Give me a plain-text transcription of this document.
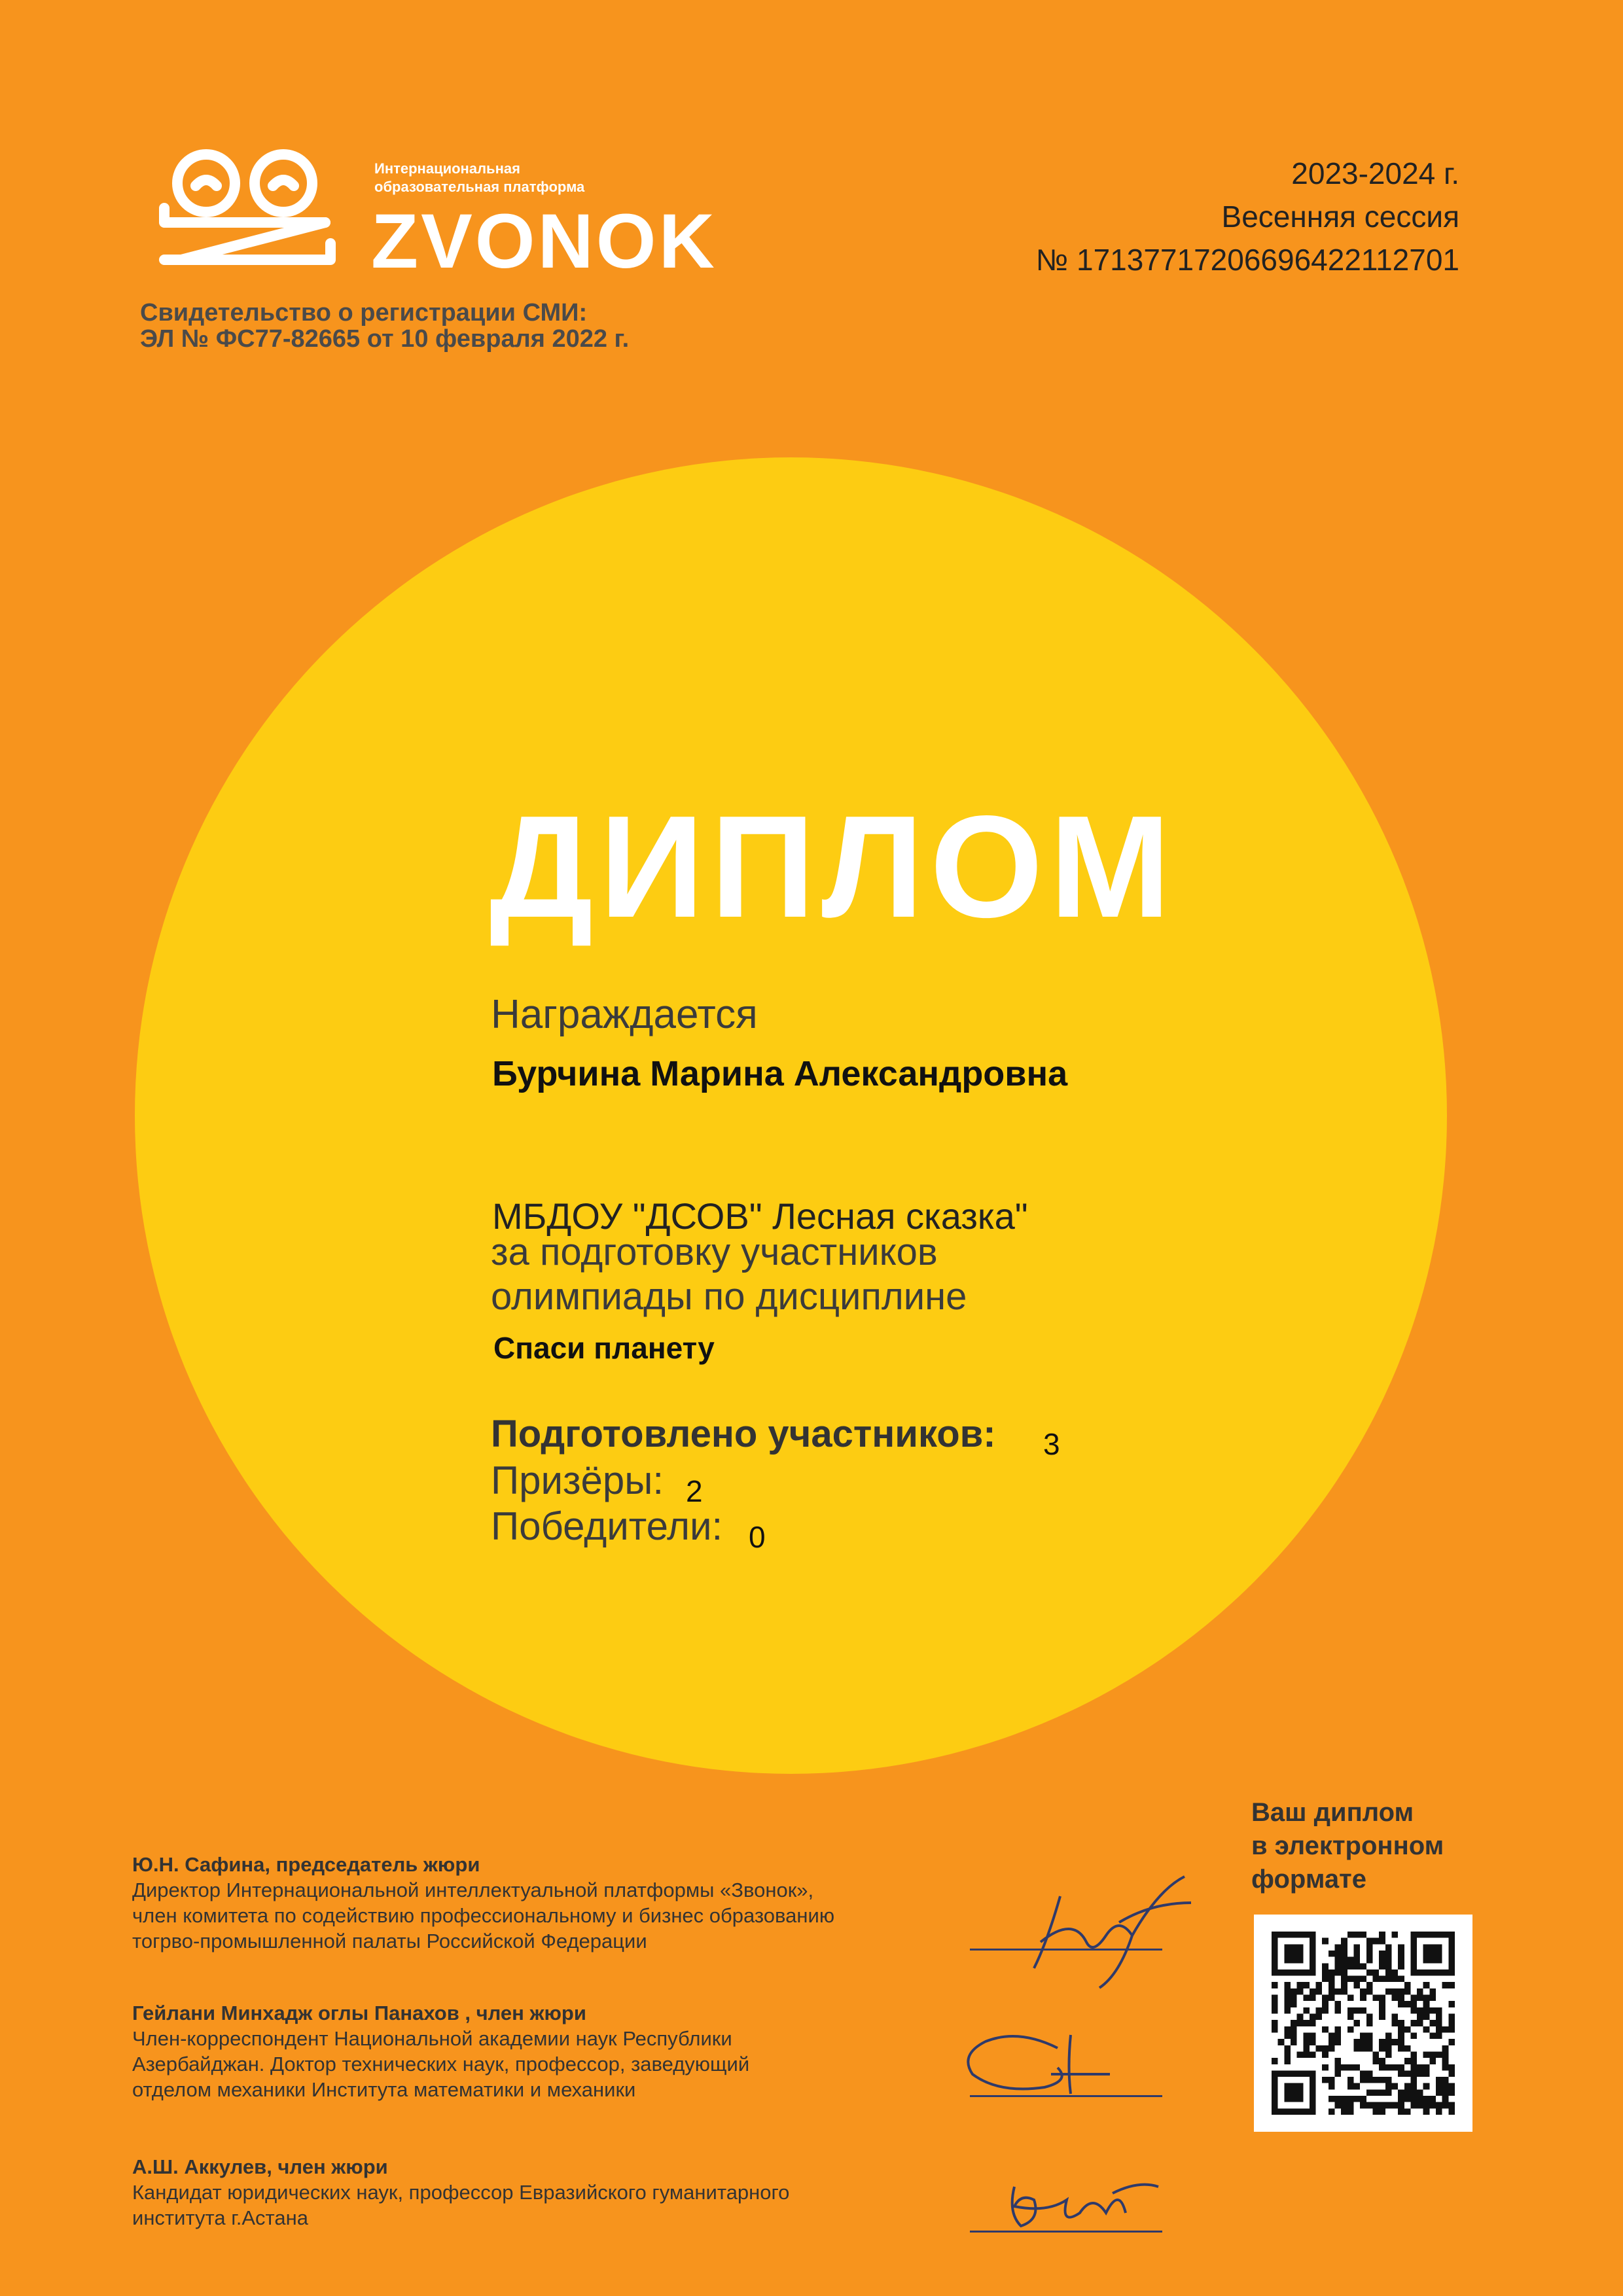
Интернациональная
образовательная платформа
ZVONOK
Свидетельство о регистрации СМИ:
ЭЛ № ФС77-82665 от 10 февраля 2022 г.
2023-2024 г.
Весенняя сессия
№ 17137717206696422112701
ДИПЛОМ
Награждается
Бурчина Марина Александровна
МБДОУ "ДСОВ" Лесная сказка"
за подготовку участников
олимпиады по дисциплине
Спаси планету
Подготовлено участников: 3
Призёры: 2
Победители: 0
Ю.Н. Сафина, председатель жюри
Директор Интернациональной интеллектуальной платформы «Звонок»,
член комитета по содействию профессиональному и бизнес образованию
тогрво-промышленной палаты Российской Федерации
Гейлани Минхадж оглы Панахов , член жюри
Член-корреспондент Национальной академии наук Республики
Азербайджан. Доктор технических наук, профессор, заведующий
отделом механики Института математики и механики
А.Ш. Аккулев, член жюри
Кандидат юридических наук, профессор Евразийского гуманитарного
института г.Астана
Ваш диплом
в электронном
формате
